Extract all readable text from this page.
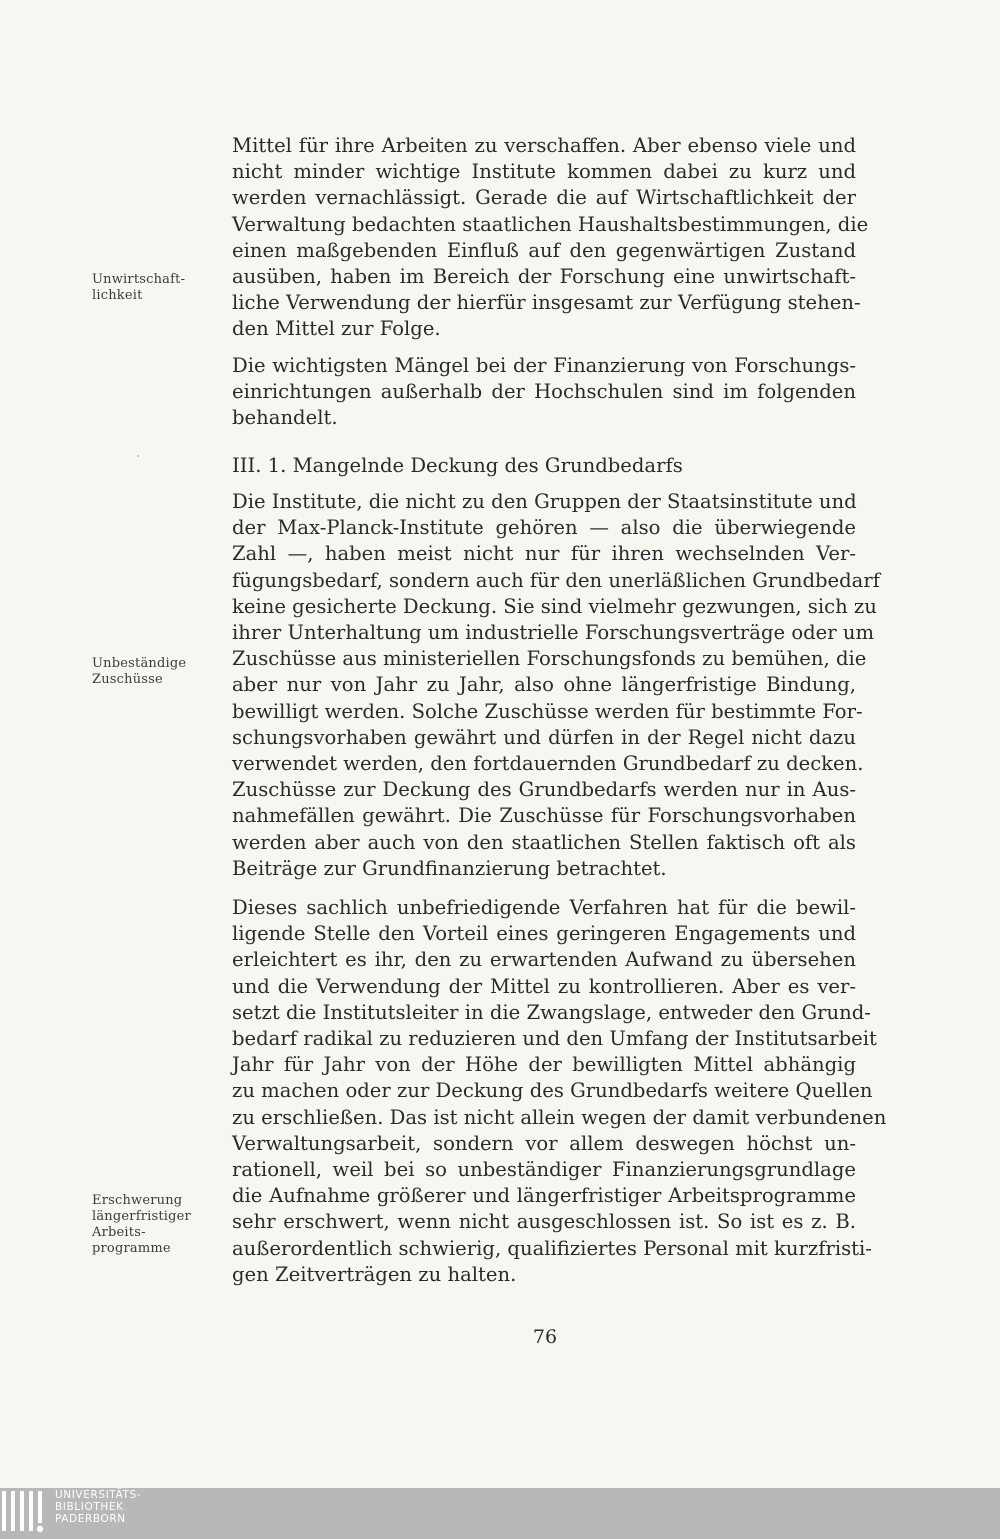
Unwirtschaft-
lichkeit
Unbeständige
Zuschüsse
Erschwerung
längerfristiger
Arbeits-
programme
Mittel für ihre Arbeiten zu verschaffen. Aber ebenso viele und
nicht minder wichtige Institute kommen dabei zu kurz und
werden vernachlässigt. Gerade die auf Wirtschaftlichkeit der
Verwaltung bedachten staatlichen Haushaltsbestimmungen, die
einen maßgebenden Einfluß auf den gegenwärtigen Zustand
ausüben, haben im Bereich der Forschung eine unwirtschaft-
liche Verwendung der hierfür insgesamt zur Verfügung stehen-
den Mittel zur Folge.
Die wichtigsten Mängel bei der Finanzierung von Forschungs-
einrichtungen außerhalb der Hochschulen sind im folgenden
behandelt.
III. 1. Mangelnde Deckung des Grundbedarfs
Die Institute, die nicht zu den Gruppen der Staatsinstitute und
der Max-Planck-Institute gehören — also die überwiegende
Zahl —, haben meist nicht nur für ihren wechselnden Ver-
fügungsbedarf, sondern auch für den unerläßlichen Grundbedarf
keine gesicherte Deckung. Sie sind vielmehr gezwungen, sich zu
ihrer Unterhaltung um industrielle Forschungsverträge oder um
Zuschüsse aus ministeriellen Forschungsfonds zu bemühen, die
aber nur von Jahr zu Jahr, also ohne längerfristige Bindung,
bewilligt werden. Solche Zuschüsse werden für bestimmte For-
schungsvorhaben gewährt und dürfen in der Regel nicht dazu
verwendet werden, den fortdauernden Grundbedarf zu decken.
Zuschüsse zur Deckung des Grundbedarfs werden nur in Aus-
nahmefällen gewährt. Die Zuschüsse für Forschungsvorhaben
werden aber auch von den staatlichen Stellen faktisch oft als
Beiträge zur Grundfinanzierung betrachtet.
Dieses sachlich unbefriedigende Verfahren hat für die bewil-
ligende Stelle den Vorteil eines geringeren Engagements und
erleichtert es ihr, den zu erwartenden Aufwand zu übersehen
und die Verwendung der Mittel zu kontrollieren. Aber es ver-
setzt die Institutsleiter in die Zwangslage, entweder den Grund-
bedarf radikal zu reduzieren und den Umfang der Institutsarbeit
Jahr für Jahr von der Höhe der bewilligten Mittel abhängig
zu machen oder zur Deckung des Grundbedarfs weitere Quellen
zu erschließen. Das ist nicht allein wegen der damit verbundenen
Verwaltungsarbeit, sondern vor allem deswegen höchst un-
rationell, weil bei so unbeständiger Finanzierungsgrundlage
die Aufnahme größerer und längerfristiger Arbeitsprogramme
sehr erschwert, wenn nicht ausgeschlossen ist. So ist es z. B.
außerordentlich schwierig, qualifiziertes Personal mit kurzfristi-
gen Zeitverträgen zu halten.
76
UNIVERSITÄTS-
BIBLIOTHEK
PADERBORN
